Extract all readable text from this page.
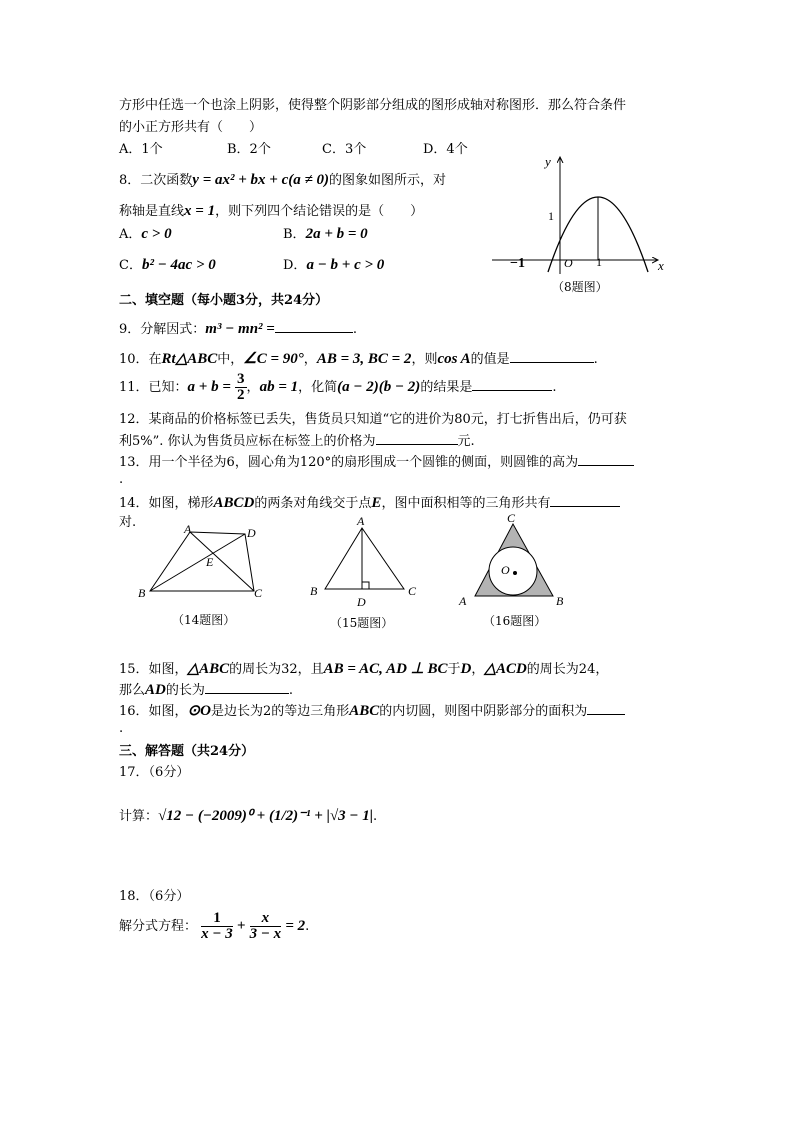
方形中任选一个也涂上阴影，使得整个阴影部分组成的图形成轴对称图形．那么符合条件
的小正方形共有（　　）
A．1个	B．2个	C．3个	D．4个
8．二次函数y = ax² + bx + c(a ≠ 0)的图象如图所示，对
称轴是直线x = 1，则下列四个结论错误的是（　　）
A．c > 0	B．2a + b = 0
C．b² − 4ac > 0	D．a − b + c > 0
y
x
O 1
−1
1
（8题图）
二、填空题（每小题3分，共24分）
9．分解因式：m³ − mn² =	.
10．在Rt△ABC中，∠C = 90°，AB = 3, BC = 2，则cos A的值是	.
11．已知：$a + b = \frac{3}{2}$ ，ab = 1，化简(a − 2)(b − 2)的结果是	.
12．某商品的价格标签已丢失，售货员只知道“它的进价为80元，打七折售出后，仍可获
利5%”. 你认为售货员应标在标签上的价格为	元.
13．用一个半径为6，圆心角为120°的扇形围成一个圆锥的侧面，则圆锥的高为
.
14．如图，梯形ABCD的两条对角线交于点E，图中面积相等的三角形共有
对.	A	D
E
B	C
（14题图）
A
B	C
D
（15题图）
C
O
A	B
（16题图）
15．如图，△ABC的周长为32，且AB = AC, AD ⊥ BC于D，△ACD的周长为24，
那么AD的长为	.
16．如图，⊙O是边长为2的等边三角形ABC的内切圆，则图中阴影部分的面积为
.
三、解答题（共24分）
17．（6分）
计算：√12 − (−2009)⁰ + (1/2)⁻¹ + |√3 − 1|.
18．（6分）
解分式方程： $\frac{1}{x - 3} + \frac{x}{3 - x} = 2$.
